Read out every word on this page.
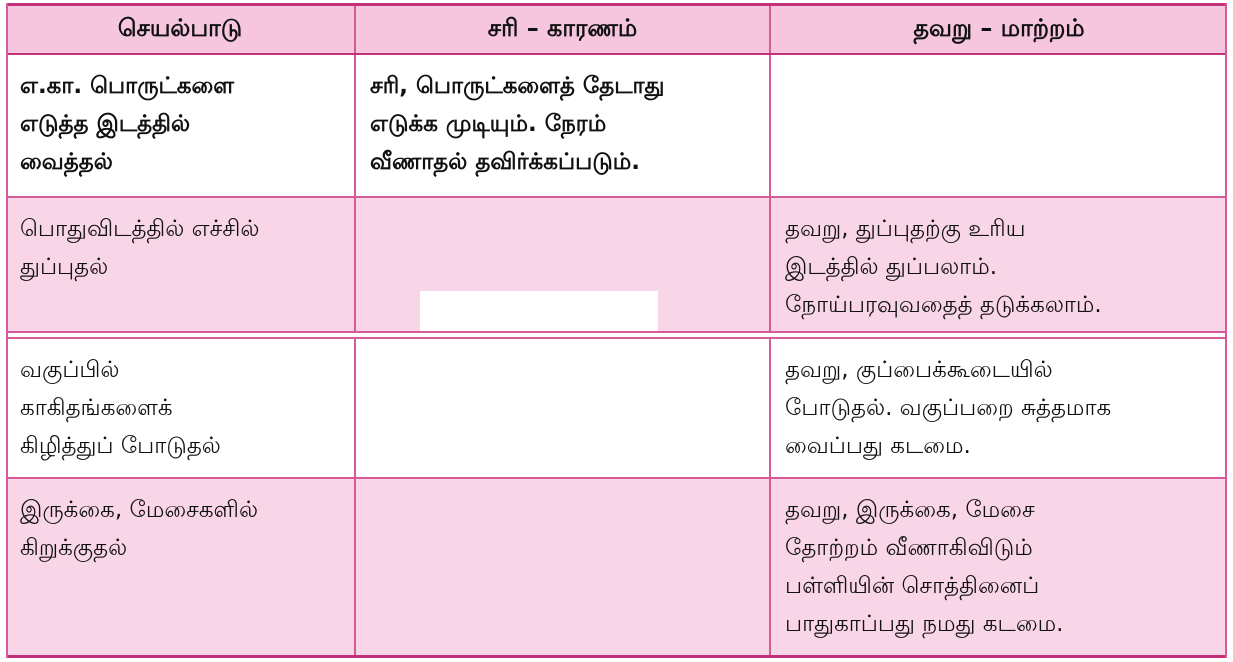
செயல்பாடு	சரி – காரணம்	தவறு – மாற்றம்
எ.கா. பொருட்களை
எடுத்த இடத்தில்
வைத்தல்
சரி, பொருட்களைத் தேடாது
எடுக்க முடியும். நேரம்
வீணாதல் தவிர்க்கப்படும்.
பொதுவிடத்தில் எச்சில்
துப்புதல்
தவறு, துப்புதற்கு உரிய
இடத்தில் துப்பலாம்.
நோய்பரவுவதைத் தடுக்கலாம்.
வகுப்பில்
காகிதங்களைக்
கிழித்துப் போடுதல்
தவறு, குப்பைக்கூடையில்
போடுதல். வகுப்பறை சுத்தமாக
வைப்பது கடமை.
இருக்கை, மேசைகளில்
கிறுக்குதல்
தவறு, இருக்கை, மேசை
தோற்றம் வீணாகிவிடும்
பள்ளியின் சொத்தினைப்
பாதுகாப்பது நமது கடமை.
